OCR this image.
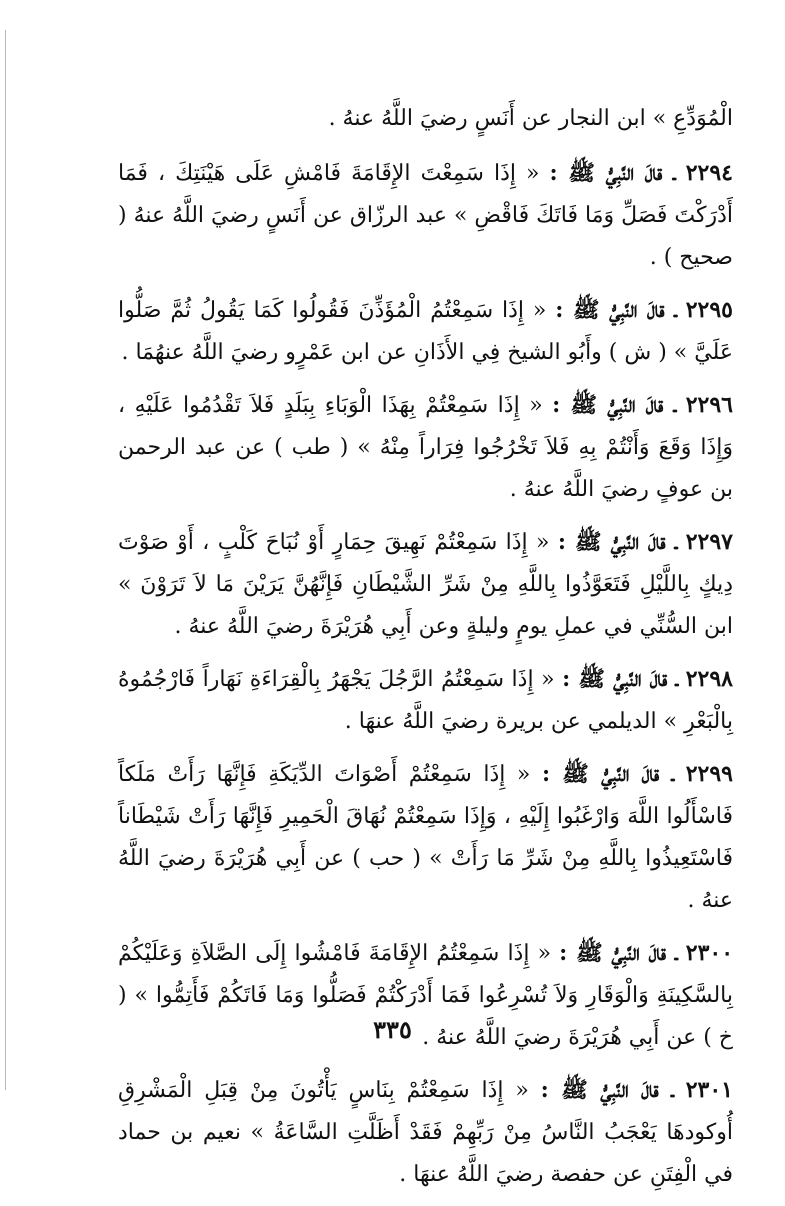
الْمُوَدِّعِ » ابن النجار عن أَنَسٍ رضيَ اللَّهُ عنهُ .

٢٢٩٤ ـ قالَ النَّبِيُّ ﷺ : « إِذَا سَمِعْتَ الإِقَامَةَ فَامْشِ عَلَى هَيْنَتِكَ ، فَمَا أَدْرَكْتَ فَصَلِّ وَمَا فَاتَكَ فَاقْضِ » عبد الرزّاق عن أَنَسٍ رضيَ اللَّهُ عنهُ ( صحيح ) .

٢٢٩٥ ـ قالَ النَّبِيُّ ﷺ : « إِذَا سَمِعْتُمُ الْمُؤَذِّنَ فَقُولُوا كَمَا يَقُولُ ثُمَّ صَلُّوا عَلَيَّ » ( ش ) وأَبُو الشيخ فِي الأَذَانِ عن ابن عَمْرٍو رضيَ اللَّهُ عنهُمَا .

٢٢٩٦ ـ قالَ النَّبِيُّ ﷺ : « إِذَا سَمِعْتُمْ بِهَذَا الْوَبَاءِ بِبَلَدٍ فَلاَ تَقْدُمُوا عَلَيْهِ ، وَإِذَا وَقَعَ وَأَنْتُمْ بِهِ فَلاَ تَخْرُجُوا فِرَاراً مِنْهُ » ( طب ) عن عبد الرحمن بن عوفٍ رضيَ اللَّهُ عنهُ .

٢٢٩٧ ـ قالَ النَّبِيُّ ﷺ : « إِذَا سَمِعْتُمْ نَهِيقَ حِمَارٍ أَوْ نُبَاحَ كَلْبٍ ، أَوْ صَوْتَ دِيكٍ بِاللَّيْلِ فَتَعَوَّذُوا بِاللَّهِ مِنْ شَرِّ الشَّيْطَانِ فَإِنَّهُنَّ يَرَيْنَ مَا لاَ تَرَوْنَ » ابن السُّنِّي في عملِ يومٍ وليلةٍ وعن أَبِي هُرَيْرَةَ رضيَ اللَّهُ عنهُ .

٢٢٩٨ ـ قالَ النَّبِيُّ ﷺ : « إِذَا سَمِعْتُمُ الرَّجُلَ يَجْهَرُ بِالْقِرَاءَةِ نَهَاراً فَارْجُمُوهُ بِالْبَعْرِ » الديلمي عن بريرة رضيَ اللَّهُ عنهَا .

٢٢٩٩ ـ قالَ النَّبِيُّ ﷺ : « إِذَا سَمِعْتُمْ أَصْوَاتَ الدِّيَكَةِ فَإِنَّهَا رَأَتْ مَلَكاً فَاسْأَلُوا اللَّهَ وَارْغَبُوا إِلَيْهِ ، وَإِذَا سَمِعْتُمْ نُهَاقَ الْحَمِيرِ فَإِنَّهَا رَأَتْ شَيْطَاناً فَاسْتَعِيذُوا بِاللَّهِ مِنْ شَرِّ مَا رَأَتْ » ( حب ) عن أَبِي هُرَيْرَةَ رضيَ اللَّهُ عنهُ .

٢٣٠٠ ـ قالَ النَّبِيُّ ﷺ : « إِذَا سَمِعْتُمُ الإِقَامَةَ فَامْشُوا إِلَى الصَّلاَةِ وَعَلَيْكُمْ بِالسَّكِينَةِ وَالْوَقَارِ وَلاَ تُسْرِعُوا فَمَا أَدْرَكْتُمْ فَصَلُّوا وَمَا فَاتَكُمْ فَأَتِمُّوا » ( خ ) عن أَبِي هُرَيْرَةَ رضيَ اللَّهُ عنهُ .

٢٣٠١ ـ قالَ النَّبِيُّ ﷺ : « إِذَا سَمِعْتُمْ بِنَاسٍ يَأْتُونَ مِنْ قِبَلِ الْمَشْرِقِ أُوكودهَا يَعْجَبُ النَّاسُ مِنْ رَبِّهِمْ فَقَدْ أَظَلَّتِ السَّاعَةُ » نعيم بن حماد في الْفِتَنِ عن حفصة رضيَ اللَّهُ عنهَا .

٣٣٥
